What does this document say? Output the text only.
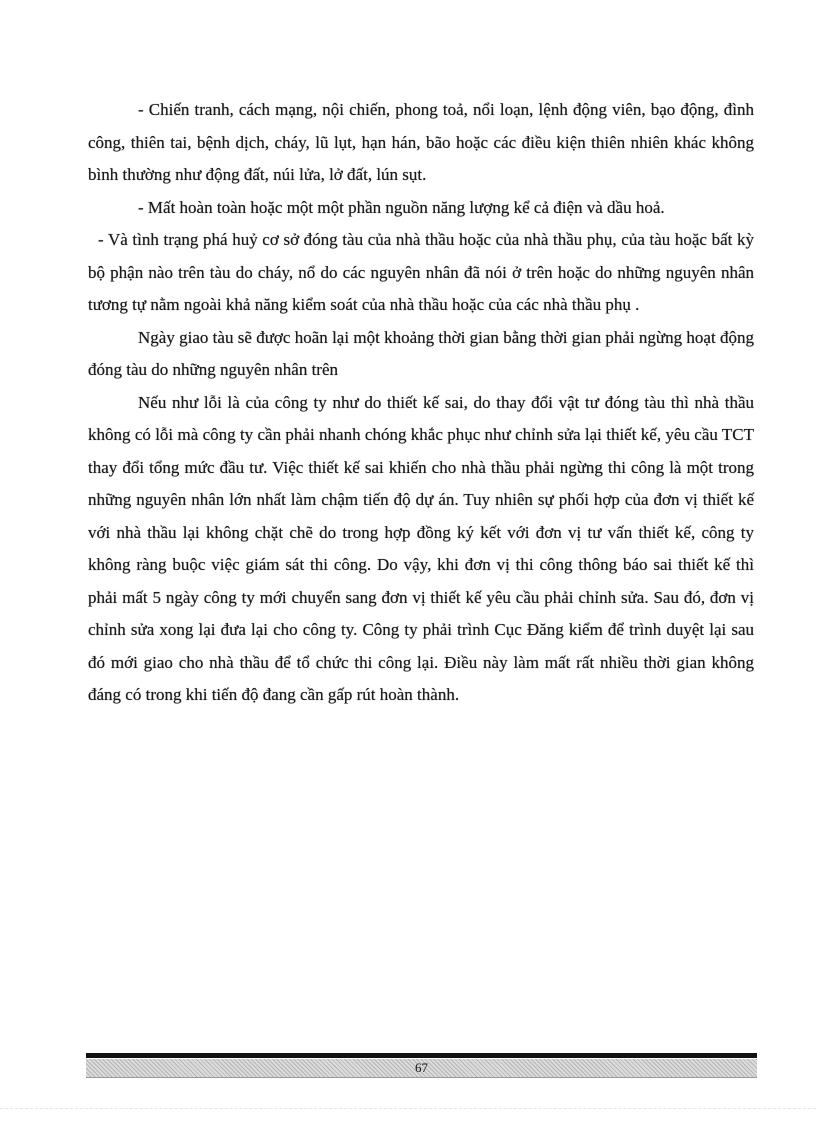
- Chiến tranh, cách mạng, nội chiến, phong toả, nổi loạn, lệnh động viên, bạo động, đình công, thiên tai, bệnh dịch, cháy, lũ lụt, hạn hán, bão hoặc các điều kiện thiên nhiên khác không bình thường như động đất, núi lửa, lở đất, lún sụt.

- Mất hoàn toàn hoặc một một phần nguồn năng lượng kể cả điện và dầu hoả.

- Và tình trạng phá huỷ cơ sở đóng tàu của nhà thầu hoặc của nhà thầu phụ, của tàu hoặc bất kỳ bộ phận nào trên tàu do cháy, nổ do các nguyên nhân đã nói ở trên hoặc do những nguyên nhân tương tự nằm ngoài khả năng kiểm soát của nhà thầu hoặc của các nhà thầu phụ .

Ngày giao tàu sẽ được hoãn lại một khoảng thời gian bằng thời gian phải ngừng hoạt động đóng tàu do những nguyên nhân trên

Nếu như lỗi là của công ty như do thiết kế sai, do thay đổi vật tư đóng tàu thì nhà thầu không có lỗi mà công ty cần phải nhanh chóng khắc phục như chỉnh sửa lại thiết kế, yêu cầu TCT thay đổi tổng mức đầu tư. Việc thiết kế sai khiến cho nhà thầu phải ngừng thi công là một trong những nguyên nhân lớn nhất làm chậm tiến độ dự án. Tuy nhiên sự phối hợp của đơn vị thiết kế với nhà thầu lại không chặt chẽ do trong hợp đồng ký kết với đơn vị tư vấn thiết kế, công ty không ràng buộc việc giám sát thi công. Do vậy, khi đơn vị thi công thông báo sai thiết kế thì phải mất 5 ngày công ty mới chuyển sang đơn vị thiết kế yêu cầu phải chỉnh sửa. Sau đó, đơn vị chỉnh sửa xong lại đưa lại cho công ty. Công ty phải trình Cục Đăng kiểm để trình duyệt lại sau đó mới giao cho nhà thầu để tổ chức thi công lại. Điều này làm mất rất nhiều thời gian không đáng có trong khi tiến độ đang cần gấp rút hoàn thành.

67
